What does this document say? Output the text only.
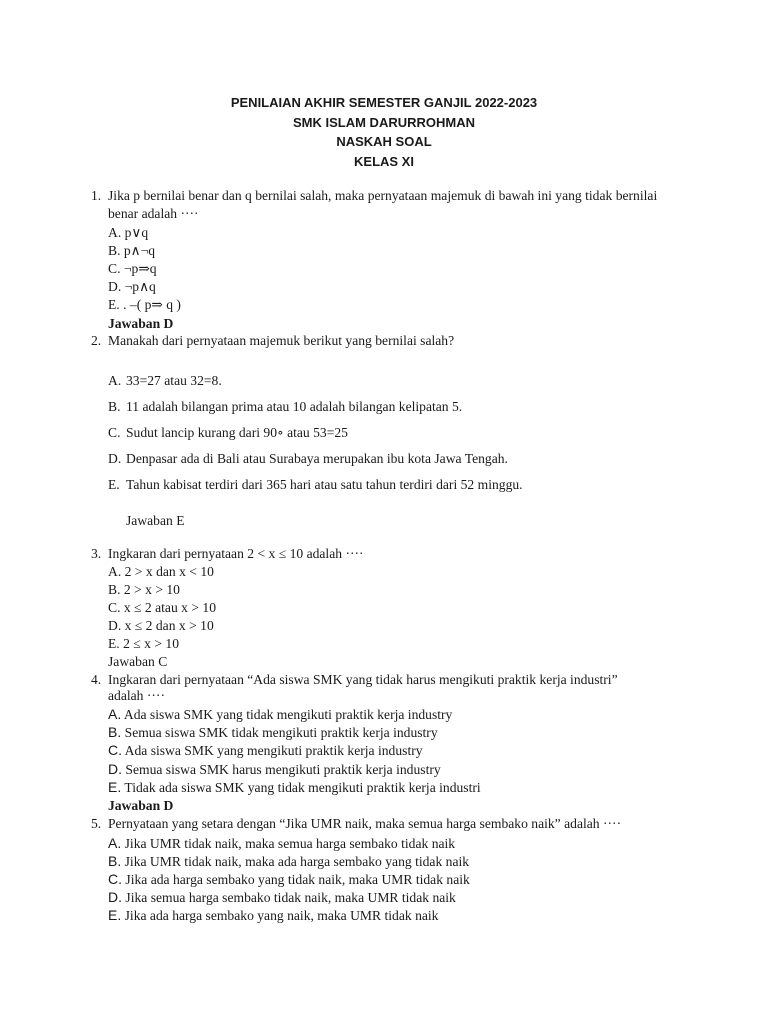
PENILAIAN AKHIR SEMESTER GANJIL 2022-2023
SMK ISLAM DARURROHMAN
NASKAH SOAL
KELAS XI
1. Jika p bernilai benar dan q bernilai salah, maka pernyataan majemuk di bawah ini yang tidak bernilai
benar adalah ····
A. p∨q
B. p∧¬q
C. ¬p⇒q
D. ¬p∧q
E. . –( p⇒ q )
Jawaban D
2. Manakah dari pernyataan majemuk berikut yang bernilai salah?
A. 33=27 atau 32=8.
B. 11 adalah bilangan prima atau 10 adalah bilangan kelipatan 5.
C. Sudut lancip kurang dari 90∘ atau 53=25
D. Denpasar ada di Bali atau Surabaya merupakan ibu kota Jawa Tengah.
E. Tahun kabisat terdiri dari 365 hari atau satu tahun terdiri dari 52 minggu.
Jawaban E
3. Ingkaran dari pernyataan 2 < x ≤ 10 adalah ····
A. 2 > x dan x < 10
B. 2 > x > 10
C. x ≤ 2 atau x > 10
D. x ≤ 2 dan x > 10
E. 2 ≤ x > 10
Jawaban C
4. Ingkaran dari pernyataan “Ada siswa SMK yang tidak harus mengikuti praktik kerja industri”
adalah ····
A. Ada siswa SMK yang tidak mengikuti praktik kerja industry
B. Semua siswa SMK tidak mengikuti praktik kerja industry
C. Ada siswa SMK yang mengikuti praktik kerja industry
D. Semua siswa SMK harus mengikuti praktik kerja industry
E. Tidak ada siswa SMK yang tidak mengikuti praktik kerja industri
Jawaban D
5. Pernyataan yang setara dengan “Jika UMR naik, maka semua harga sembako naik” adalah ····
A. Jika UMR tidak naik, maka semua harga sembako tidak naik
B. Jika UMR tidak naik, maka ada harga sembako yang tidak naik
C. Jika ada harga sembako yang tidak naik, maka UMR tidak naik
D. Jika semua harga sembako tidak naik, maka UMR tidak naik
E. Jika ada harga sembako yang naik, maka UMR tidak naik
